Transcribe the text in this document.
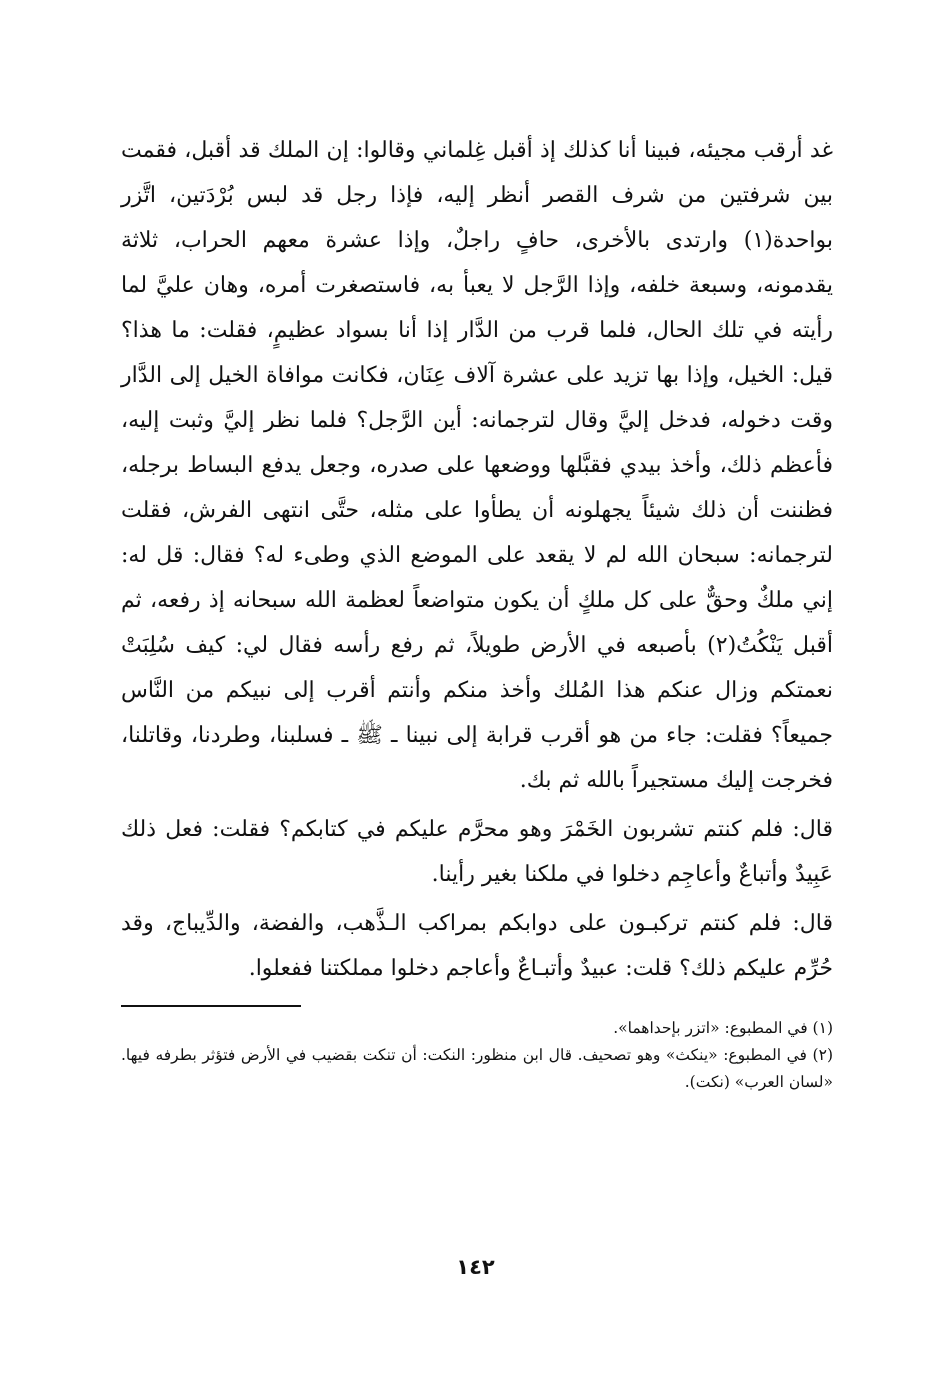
غد أرقب مجيئه، فبينا أنا كذلك إذ أقبل غِلماني وقالوا: إن الملك قد أقبل، فقمت بين شرفتين من شرف القصر أنظر إليه، فإذا رجل قد لبس بُرْدَتين، اتَّزر بواحدة(١) وارتدى بالأخرى، حافٍ راجلٌ، وإذا عشرة معهم الحراب، ثلاثة يقدمونه، وسبعة خلفه، وإذا الرَّجل لا يعبأ به، فاستصغرت أمره، وهان عليَّ لما رأيته في تلك الحال، فلما قرب من الدَّار إذا أنا بسواد عظيمٍ، فقلت: ما هذا؟ قيل: الخيل، وإذا بها تزيد على عشرة آلاف عِنَان، فكانت موافاة الخيل إلى الدَّار وقت دخوله، فدخل إليَّ وقال لترجمانه: أين الرَّجل؟ فلما نظر إليَّ وثبت إليه، فأعظم ذلك، وأخذ بيدي فقبَّلها ووضعها على صدره، وجعل يدفع البساط برجله، فظننت أن ذلك شيئاً يجهلونه أن يطأوا على مثله، حتَّى انتهى الفرش، فقلت لترجمانه: سبحان الله لم لا يقعد على الموضع الذي وطىء له؟ فقال: قل له: إني ملكٌ وحقٌّ على كل ملكٍ أن يكون متواضعاً لعظمة الله سبحانه إذ رفعه، ثم أقبل يَنْكُتُ(٢) بأصبعه في الأرض طويلاً، ثم رفع رأسه فقال لي: كيف سُلِبَتْ نعمتكم وزال عنكم هذا المُلك وأخذ منكم وأنتم أقرب إلى نبيكم من النَّاس جميعاً؟ فقلت: جاء من هو أقرب قرابة إلى نبينا ـ ﷺ ـ فسلبنا، وطردنا، وقاتلنا، فخرجت إليك مستجيراً بالله ثم بك.

قال: فلم كنتم تشربون الخَمْرَ وهو محرَّم عليكم في كتابكم؟ فقلت: فعل ذلك عَبِيدٌ وأتباعٌ وأعاجِم دخلوا في ملكنا بغير رأينا.

قال: فلم كنتم تركبـون على دوابكم بمراكب الـذَّهب، والفضة، والدِّيباج، وقد حُرِّم عليكم ذلك؟ قلت: عبيدٌ وأتبـاعٌ وأعاجم دخلوا مملكتنا ففعلوا.

(١) في المطبوع: «اتزر بإحداهما».

(٢) في المطبوع: «ينكث» وهو تصحيف. قال ابن منظور: النكت: أن تنكت بقضيب في الأرض فتؤثر بطرفه فيها. «لسان العرب» (نكت).

١٤٢
